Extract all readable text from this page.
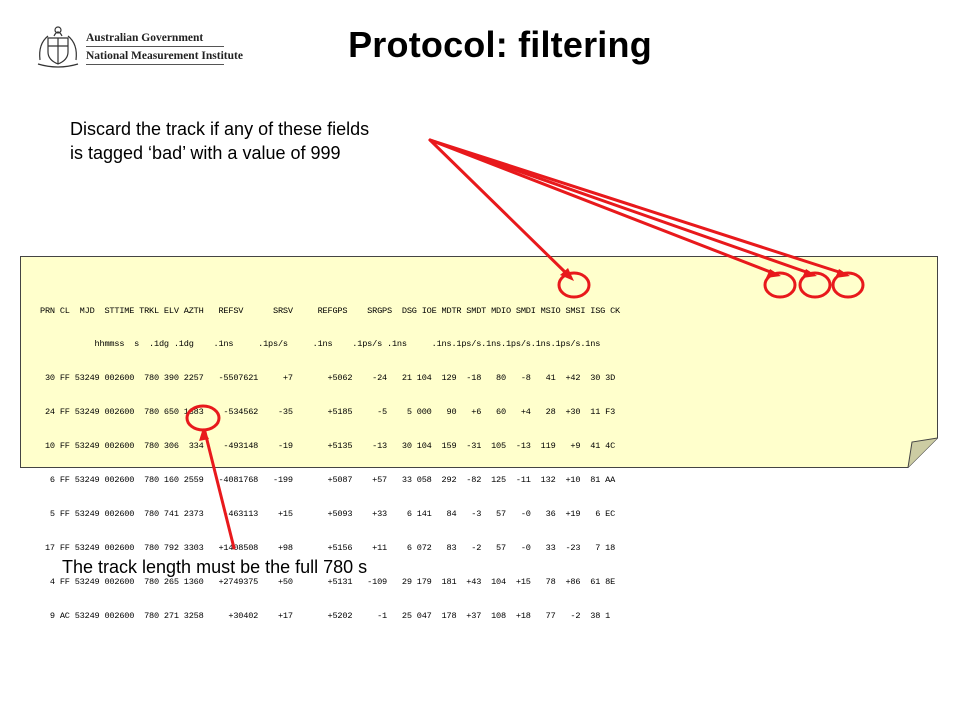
Australian Government
National Measurement Institute	Protocol: filtering
Discard the track if any of these fields
is tagged ‘bad’ with a value of 999

PRN CL  MJD  STTIME TRKL ELV AZTH   REFSV      SRSV     REFGPS    SRGPS  DSG IOE MDTR SMDT MDIO SMDI MSIO SMSI ISG CK

hhmmss  s  .1dg .1dg    .1ns     .1ps/s     .1ns    .1ps/s .1ns     .1ns.1ps/s.1ns.1ps/s.1ns.1ps/s.1ns

30 FF 53249 002600  780 390 2257   -5507621     +7       +5062    -24   21 104  129  -18   80   -8   41  +42  30 3D

24 FF 53249 002600  780 650 1383    -534562    -35       +5185     -5    5 000   90   +6   60   +4   28  +30  11 F3

10 FF 53249 002600  780 306  334    -493148    -19       +5135    -13   30 104  159  -31  105  -13  119   +9  41 4C

6 FF 53249 002600  780 160 2559   -4081768   -199       +5087    +57   33 058  292  -82  125  -11  132  +10  81 AA

5 FF 53249 002600  780 741 2373    -463113    +15       +5093    +33    6 141   84   -3   57   -0   36  +19   6 EC

17 FF 53249 002600  780 792 3303   +1408508    +98       +5156    +11    6 072   83   -2   57   -0   33  -23   7 18

4 FF 53249 002600  780 265 1360   +2749375    +50       +5131   -109   29 179  181  +43  104  +15   78  +86  61 8E

9 AC 53249 002600  780 271 3258     +30402    +17       +5202     -1   25 047  178  +37  108  +18   77   -2  38 1

The track length must be the full 780 s
